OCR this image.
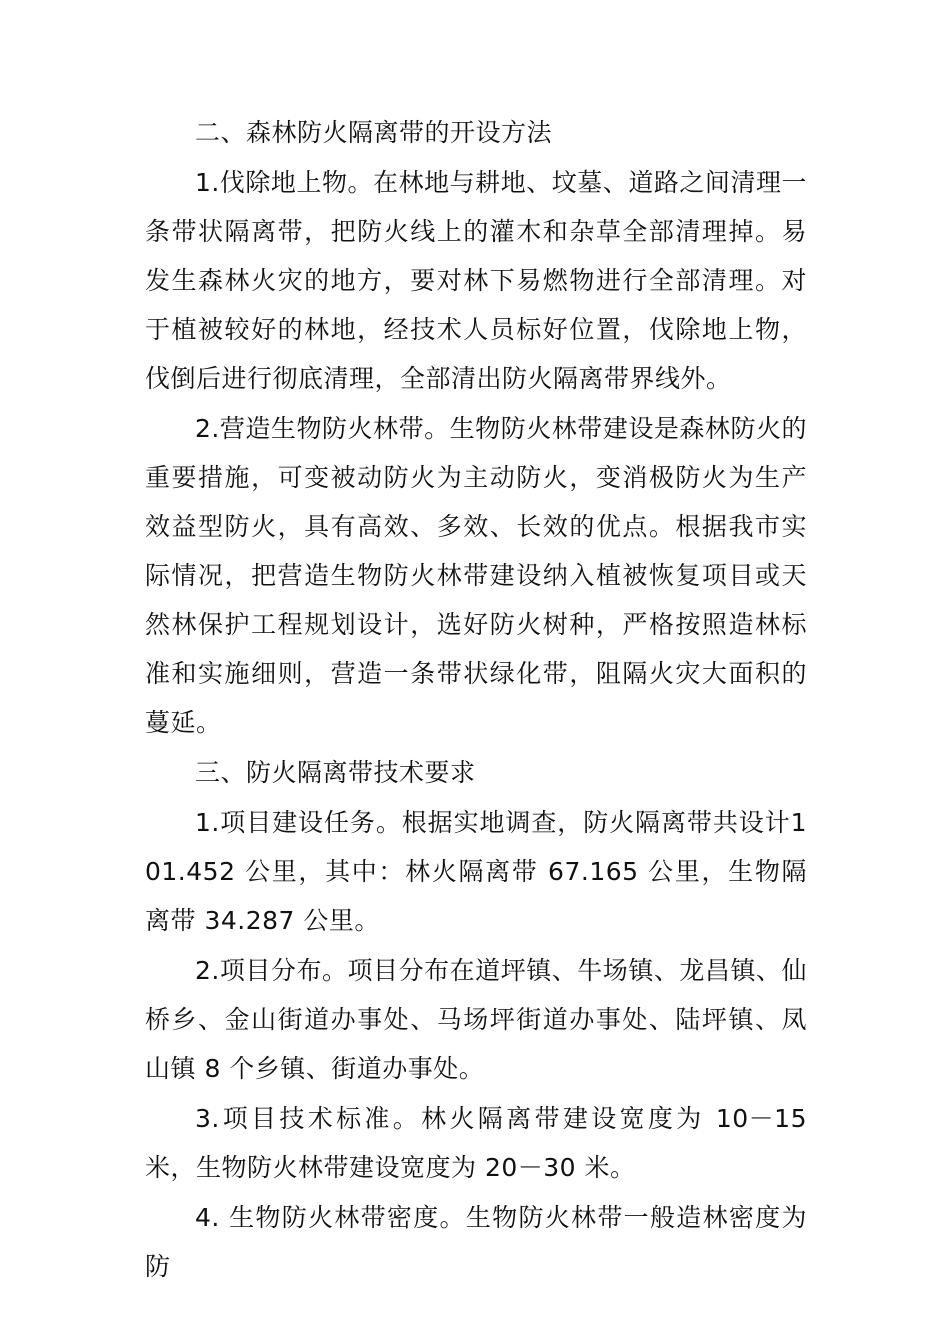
二、森林防火隔离带的开设方法

1.伐除地上物。在林地与耕地、坟墓、道路之间清理一条带状隔离带，把防火线上的灌木和杂草全部清理掉。易发生森林火灾的地方，要对林下易燃物进行全部清理。对于植被较好的林地，经技术人员标好位置，伐除地上物，伐倒后进行彻底清理，全部清出防火隔离带界线外。

2.营造生物防火林带。生物防火林带建设是森林防火的重要措施，可变被动防火为主动防火，变消极防火为生产效益型防火，具有高效、多效、长效的优点。根据我市实际情况，把营造生物防火林带建设纳入植被恢复项目或天然林保护工程规划设计，选好防火树种，严格按照造林标准和实施细则，营造一条带状绿化带，阻隔火灾大面积的蔓延。

三、防火隔离带技术要求

1.项目建设任务。根据实地调查，防火隔离带共设计101.452 公里，其中：林火隔离带 67.165 公里，生物隔离带 34.287 公里。

2.项目分布。项目分布在道坪镇、牛场镇、龙昌镇、仙桥乡、金山街道办事处、马场坪街道办事处、陆坪镇、凤山镇 8 个乡镇、街道办事处。

3.项目技术标准。林火隔离带建设宽度为 10－15 米，生物防火林带建设宽度为 20－30 米。

4. 生物防火林带密度。生物防火林带一般造林密度为防
